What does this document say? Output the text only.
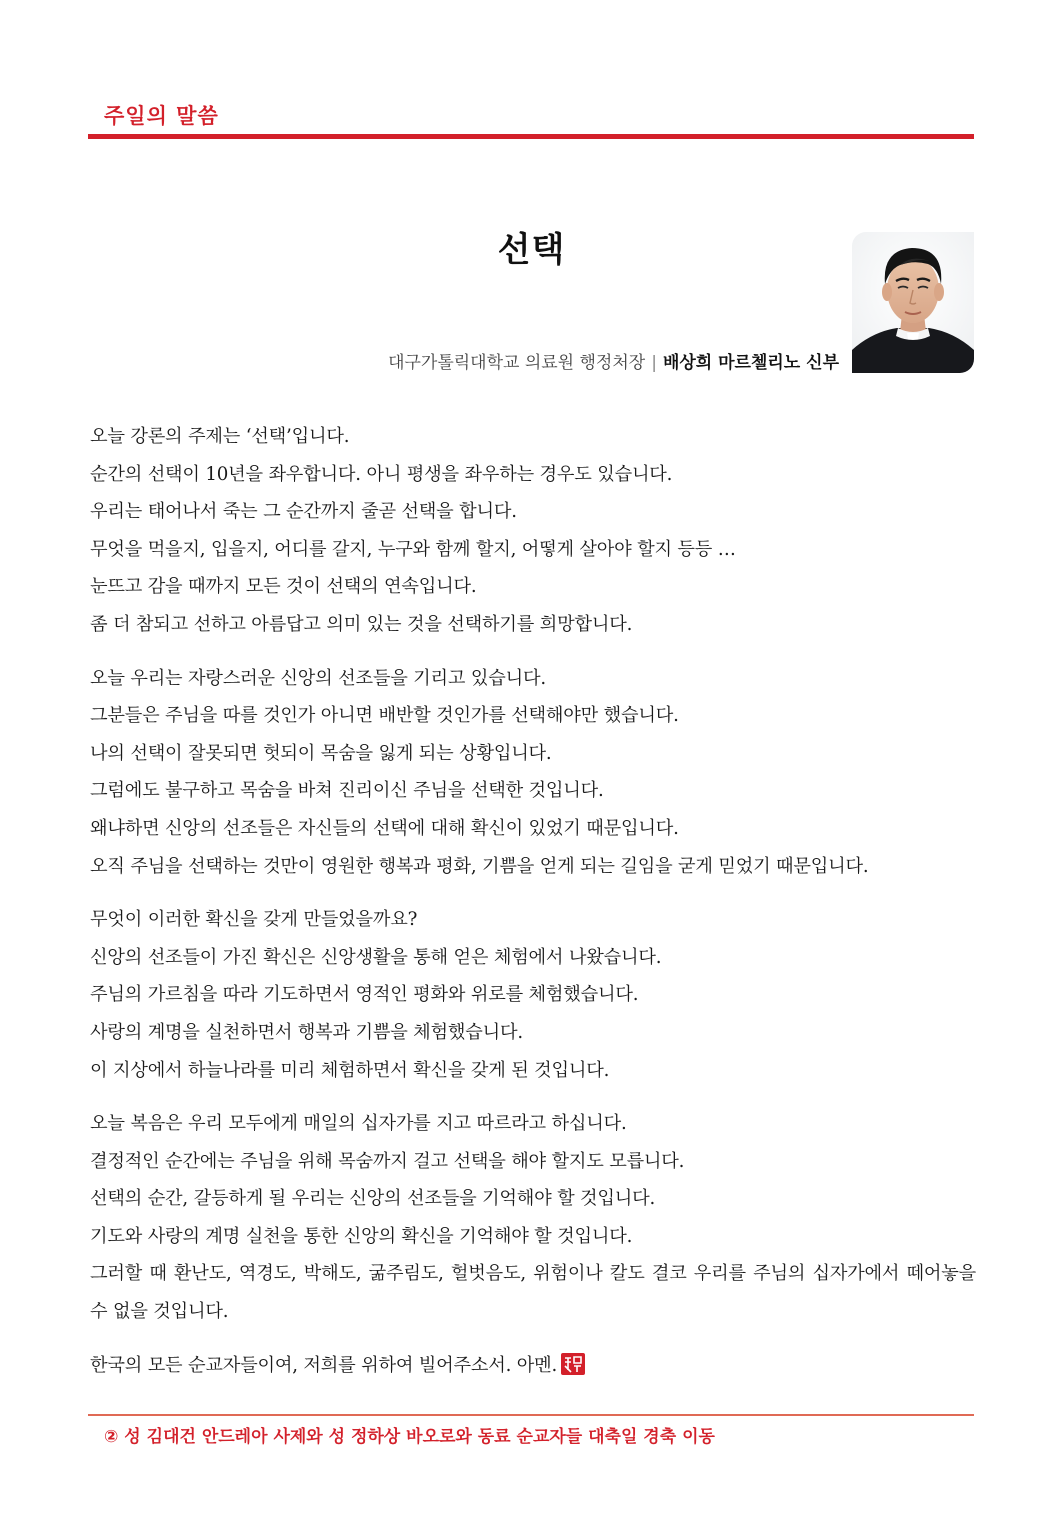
주일의 말씀
선택
대구가톨릭대학교 의료원 행정처장 | 배상희 마르첼리노 신부
오늘 강론의 주제는 ‘선택’입니다.
순간의 선택이 10년을 좌우합니다. 아니 평생을 좌우하는 경우도 있습니다.
우리는 태어나서 죽는 그 순간까지 줄곧 선택을 합니다.
무엇을 먹을지, 입을지, 어디를 갈지, 누구와 함께 할지, 어떻게 살아야 할지 등등 …
눈뜨고 감을 때까지 모든 것이 선택의 연속입니다.
좀 더 참되고 선하고 아름답고 의미 있는 것을 선택하기를 희망합니다.
오늘 우리는 자랑스러운 신앙의 선조들을 기리고 있습니다.
그분들은 주님을 따를 것인가 아니면 배반할 것인가를 선택해야만 했습니다.
나의 선택이 잘못되면 헛되이 목숨을 잃게 되는 상황입니다.
그럼에도 불구하고 목숨을 바쳐 진리이신 주님을 선택한 것입니다.
왜냐하면 신앙의 선조들은 자신들의 선택에 대해 확신이 있었기 때문입니다.
오직 주님을 선택하는 것만이 영원한 행복과 평화, 기쁨을 얻게 되는 길임을 굳게 믿었기 때문입니다.
무엇이 이러한 확신을 갖게 만들었을까요?
신앙의 선조들이 가진 확신은 신앙생활을 통해 얻은 체험에서 나왔습니다.
주님의 가르침을 따라 기도하면서 영적인 평화와 위로를 체험했습니다.
사랑의 계명을 실천하면서 행복과 기쁨을 체험했습니다.
이 지상에서 하늘나라를 미리 체험하면서 확신을 갖게 된 것입니다.
오늘 복음은 우리 모두에게 매일의 십자가를 지고 따르라고 하십니다.
결정적인 순간에는 주님을 위해 목숨까지 걸고 선택을 해야 할지도 모릅니다.
선택의 순간, 갈등하게 될 우리는 신앙의 선조들을 기억해야 할 것입니다.
기도와 사랑의 계명 실천을 통한 신앙의 확신을 기억해야 할 것입니다.
그러할 때 환난도, 역경도, 박해도, 굶주림도, 헐벗음도, 위험이나 칼도 결코 우리를 주님의 십자가에서 떼어놓을 수 없을 것입니다.
한국의 모든 순교자들이여, 저희를 위하여 빌어주소서. 아멘.
② 성 김대건 안드레아 사제와 성 정하상 바오로와 동료 순교자들 대축일 경축 이동
